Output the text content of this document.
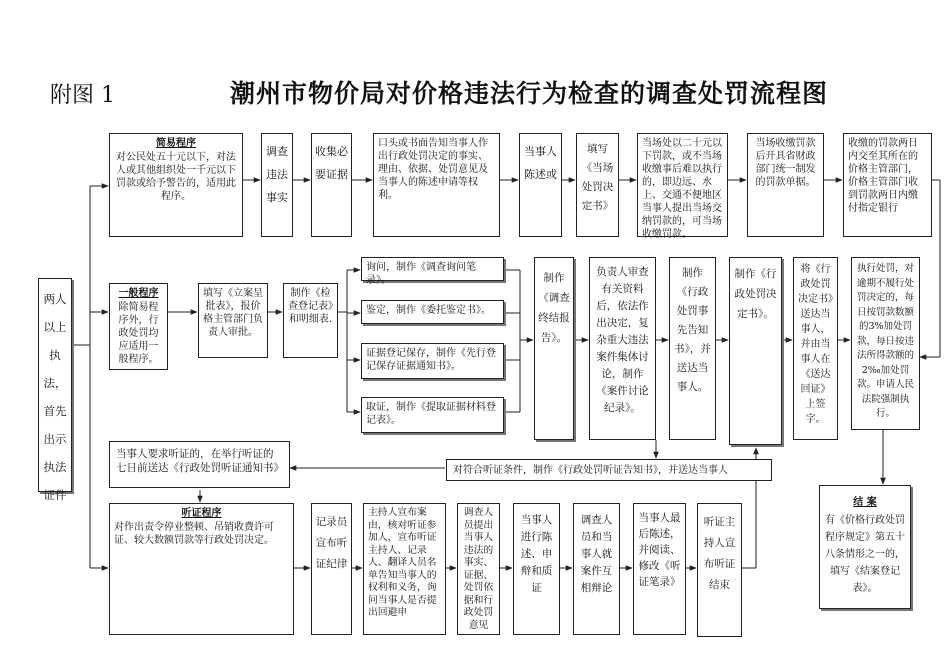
附图 1	潮州市物价局对价格违法行为检查的调查处罚流程图
两人以上执法，首先出示执法证件
简易程序
对公民处五十元以下，对法人或其他组织处一千元以下罚款或给予警告的，适用此程序。
调查违法事实
收集必要证据
口头或书面告知当事人作出行政处罚决定的事实、理由、依据、处罚意见及当事人的陈述申请等权利。
当事人陈述或
填写《当场处罚决定书》
当场处以二十元以下罚款，或不当场收缴事后难以执行的，即边远、水上、交通不便地区当事人提出当场交纳罚款的，可当场收缴罚款。
当场收缴罚款后开具省财政部门统一制发的罚款单据。
收缴的罚款两日内交至其所在的价格主管部门，价格主管部门收到罚款两日内缴付指定银行
一般程序
除简易程序外，行政处罚均应适用一般程序。
填写《立案呈批表》，报价格主管部门负责人审批。
制作《检查登记表》和明细表.
询问，制作《调查询问笔录》。
鉴定，制作《委托鉴定书》。
证据登记保存，制作《先行登记保存证据通知书》。
取证，制作《提取证据材料登记表》。
制作《调查终结报告》。
负责人审查有关资料后，依法作出决定，复杂重大违法案件集体讨论，制作《案件讨论纪录》。
制作《行政处罚事先告知书》，并送达当事人。
制作《行政处罚决定书》。
将《行政处罚决定书》送达当事人，并由当事人在《送达回证》上签字。
执行处罚，对逾期不履行处罚决定的，每日按罚款数额的3%加处罚款，每日按违法所得款额的2‰加处罚款。申请人民法院强制执行。
当事人要求听证的，在举行听证的七日前送达《行政处罚听证通知书》	对符合听证条件，制作《行政处罚听证告知书》，并送达当事人
听证程序
对作出责令停业整顿、吊销收费许可证、较大数额罚款等行政处罚决定。
记录员宣布听证纪律
主持人宣布案由，核对听证参加人，宣布听证主持人、记录人、翻译人员名单告知当事人的权利和义务，询问当事人是否提出回避申
调查人员提出当事人违法的事实、证据、处罚依据和行政处罚意见
当事人进行陈述、申辩和质证
调查人员和当事人就案件互相辩论
当事人最后陈述，并阅读、修改《听证笔录》
听证主持人宣布听证结束
结 案
有《价格行政处罚程序规定》第五十八条情形之一的，填写《结案登记表》。
